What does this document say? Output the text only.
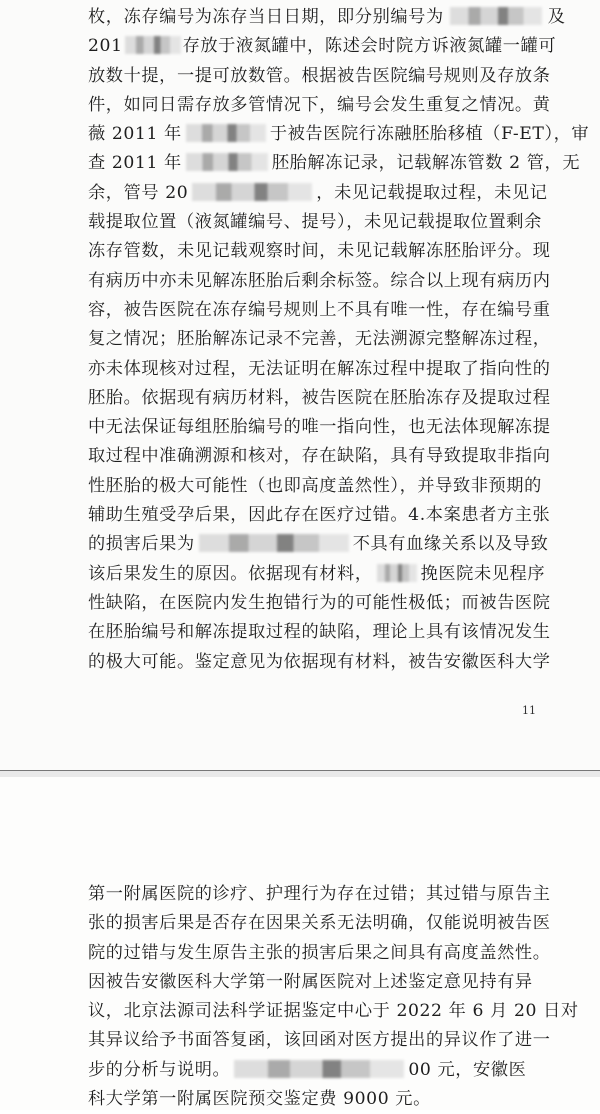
枚，冻存编号为冻存当日日期，即分别编号为	及
201	存放于液氮罐中，陈述会时院方诉液氮罐一罐可
放数十提，一提可放数管。根据被告医院编号规则及存放条
件，如同日需存放多管情况下，编号会发生重复之情况。黄
薇 2011 年	于被告医院行冻融胚胎移植（F-ET），审
查 2011 年	胚胎解冻记录，记载解冻管数 2 管，无
余，管号 20	，未见记载提取过程，未见记
载提取位置（液氮罐编号、提号），未见记载提取位置剩余
冻存管数，未见记载观察时间，未见记载解冻胚胎评分。现
有病历中亦未见解冻胚胎后剩余标签。综合以上现有病历内
容，被告医院在冻存编号规则上不具有唯一性，存在编号重
复之情况；胚胎解冻记录不完善，无法溯源完整解冻过程，
亦未体现核对过程，无法证明在解冻过程中提取了指向性的
胚胎。依据现有病历材料，被告医院在胚胎冻存及提取过程
中无法保证每组胚胎编号的唯一指向性，也无法体现解冻提
取过程中准确溯源和核对，存在缺陷，具有导致提取非指向
性胚胎的极大可能性（也即高度盖然性），并导致非预期的
辅助生殖受孕后果，因此存在医疗过错。4.本案患者方主张
的损害后果为	不具有血缘关系以及导致
该后果发生的原因。依据现有材料，	挽医院未见程序
性缺陷，在医院内发生抱错行为的可能性极低；而被告医院
在胚胎编号和解冻提取过程的缺陷，理论上具有该情况发生
的极大可能。鉴定意见为依据现有材料，被告安徽医科大学
11
第一附属医院的诊疗、护理行为存在过错；其过错与原告主
张的损害后果是否存在因果关系无法明确，仅能说明被告医
院的过错与发生原告主张的损害后果之间具有高度盖然性。
因被告安徽医科大学第一附属医院对上述鉴定意见持有异
议，北京法源司法科学证据鉴定中心于 2022 年 6 月 20 日对
其异议给予书面答复函，该回函对医方提出的异议作了进一
步的分析与说明。	00 元，安徽医
科大学第一附属医院预交鉴定费 9000 元。
